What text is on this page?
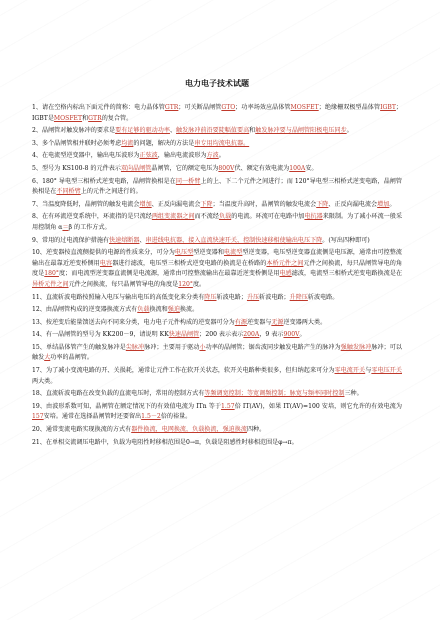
电力电子技术试题

1、请在空格内标出下面元件的简称：电力晶体管GTR；可关断晶闸管GTO；功率场效应晶体管MOSFET；绝缘栅双极型晶体管IGBT；IGBT是MOSFET和GTR的复合管。

2、晶闸管对触发脉冲的要求是要有足够的驱动功率、触发脉冲前沿要陡幅值要高和触发脉冲要与晶闸管阳极电压同步。

3、多个晶闸管相并联时必须考虑均流的问题，解决的方法是串专用均流电抗器。

4、在电流型逆变器中，输出电压波形为正弦波，输出电流波形为方波。

5、型号为 KS100-8 的元件表示双向晶闸管晶闸管，它的额定电压为800V伏、额定有效电流为100A安。

6、180° 导电型三相桥式逆变电路，晶闸管换相是在同一桥臂上的上、下二个元件之间进行；而 120°导电型三相桥式逆变电路，晶闸管换相是在不同桥臂上的元件之间进行的。

7、当温度降低时，晶闸管的触发电流会增加、正反向漏电流会下降；当温度升高时，晶闸管的触发电流会下降、正反向漏电流会增加。

8、在有环流逆变系统中，环流指的是只流经两组变流器之间而不流经负载的电流。环流可在电路中加电抗器来限制。为了减小环流一般采用控制角 α＝β 的工作方式。

9、常用的过电流保护措施有快速熔断器、串进线电抗器、接入直流快速开关、控制快速移相使输出电压下降。(写出四种即可)

10、逆变器按直流侧提供的电源的性质来分，可分为电压型型逆变器和电流型型逆变器，电压型逆变器直流侧是电压源，通常由可控整流输出在最靠近逆变桥侧用电容器进行滤波，电压型三相桥式逆变电路的换流是在桥路的本桥元件之间元件之间换流，每只晶闸管导电的角度是180°度；而电流型逆变器直流侧是电流源，通常由可控整流输出在最靠近逆变桥侧是用电感滤波，电流型三相桥式逆变电路换流是在异桥元件之间元件之间换流，每只晶闸管导电的角度是120°度。

11、直流斩波电路按照输入电压与输出电压的高低变化来分类有降压斩波电路；升压斩波电路；升降压斩波电路。

12、由晶闸管构成的逆变器换流方式有负载换流和强迫换流。

13、按逆变后能量馈送去向不同来分类，电力电子元件构成的逆变器可分为有源逆变器与无源逆变器两大类。

14、有一晶闸管的型号为 KK200－9，请说明 KK快速晶闸管；200 表示表示200A，9 表示900V。

15、单结晶体管产生的触发脉冲是尖脉冲脉冲；主要用于驱动小功率的晶闸管；锯齿波同步触发电路产生的脉冲为强触发脉冲脉冲；可以触发大功率的晶闸管。

17、为了减小变流电路的开、关损耗，通常让元件工作在软开关状态，软开关电路种类很多，但归纳起来可分为零电流开关与零电压开关两大类。

18、直流斩波电路在改变负载的直流电压时，常用的控制方式有等频调宽控制；等宽调频控制；脉宽与频率同时控制三种。

19、由波形系数可知，晶闸管在额定情况下的有效值电流为 ITn 等于1.57倍 IT(AV)，如果 IT(AV)=100 安培，则它允许的有效电流为157安培。通常在选择晶闸管时还要留出1.5－2倍的裕量。

20、通常变流电路实现换流的方式有器件换流，电网换流，负载换流，强迫换流四种。

21、在单相交流调压电路中，负载为电阻性时移相范围是0→π，负载是阻感性时移相范围是φ→π。
